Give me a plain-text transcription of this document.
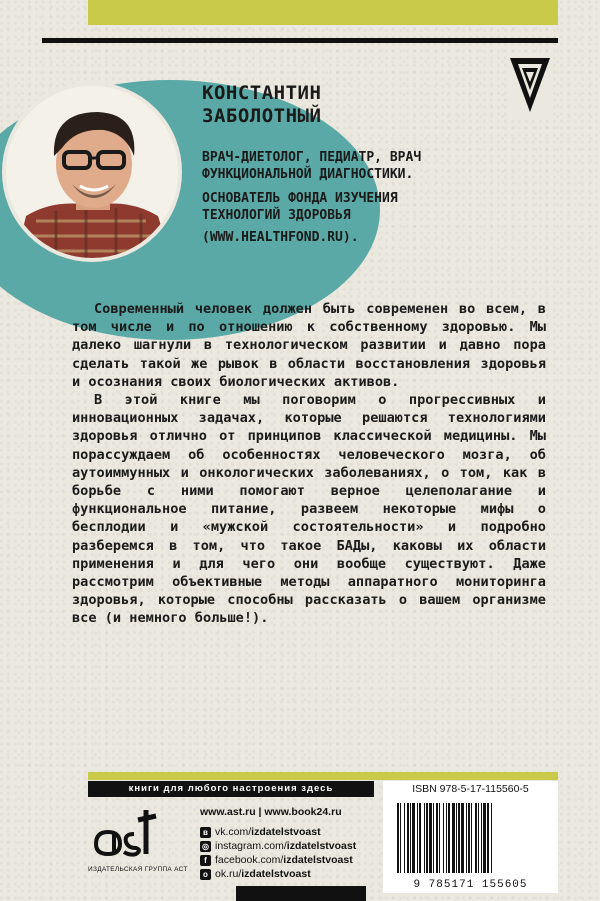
КОНСТАНТИН
ЗАБОЛОТНЫЙ
ВРАЧ-ДИЕТОЛОГ, ПЕДИАТР, ВРАЧ
ФУНКЦИОНАЛЬНОЙ ДИАГНОСТИКИ.
ОСНОВАТЕЛЬ ФОНДА ИЗУЧЕНИЯ
ТЕХНОЛОГИЙ ЗДОРОВЬЯ
(WWW.HEALTHFOND.RU).

Современный человек должен быть современен во всем, в том числе и по отношению к собственному здоровью. Мы далеко шагнули в технологическом развитии и давно пора сделать такой же рывок в области восстановления здоровья и осознания своих биологических активов.

В этой книге мы поговорим о прогрессивных и инновационных задачах, которые решаются технологиями здоровья отлично от принципов классической медицины. Мы порассуждаем об особенностях человеческого мозга, об аутоиммунных и онкологических заболеваниях, о том, как в борьбе с ними помогают верное целеполагание и функциональное питание, развеем некоторые мифы о бесплодии и «мужской состоятельности» и подробно разберемся в том, что такое БАДы, каковы их области применения и для чего они вообще существуют. Даже рассмотрим объективные методы аппаратного мониторинга здоровья, которые способны рассказать о вашем организме все (и немного больше!).

книги для любого настроения здесь	ISBN 978-5-17-115560-5
9 785171 155605
ИЗДАТЕЛЬСКАЯ ГРУППА АСТ
www.ast.ru | www.book24.ru
в vk.com/izdatelstvoast
◎ instagram.com/izdatelstvoast
f facebook.com/izdatelstvoast
о ok.ru/izdatelstvoast
